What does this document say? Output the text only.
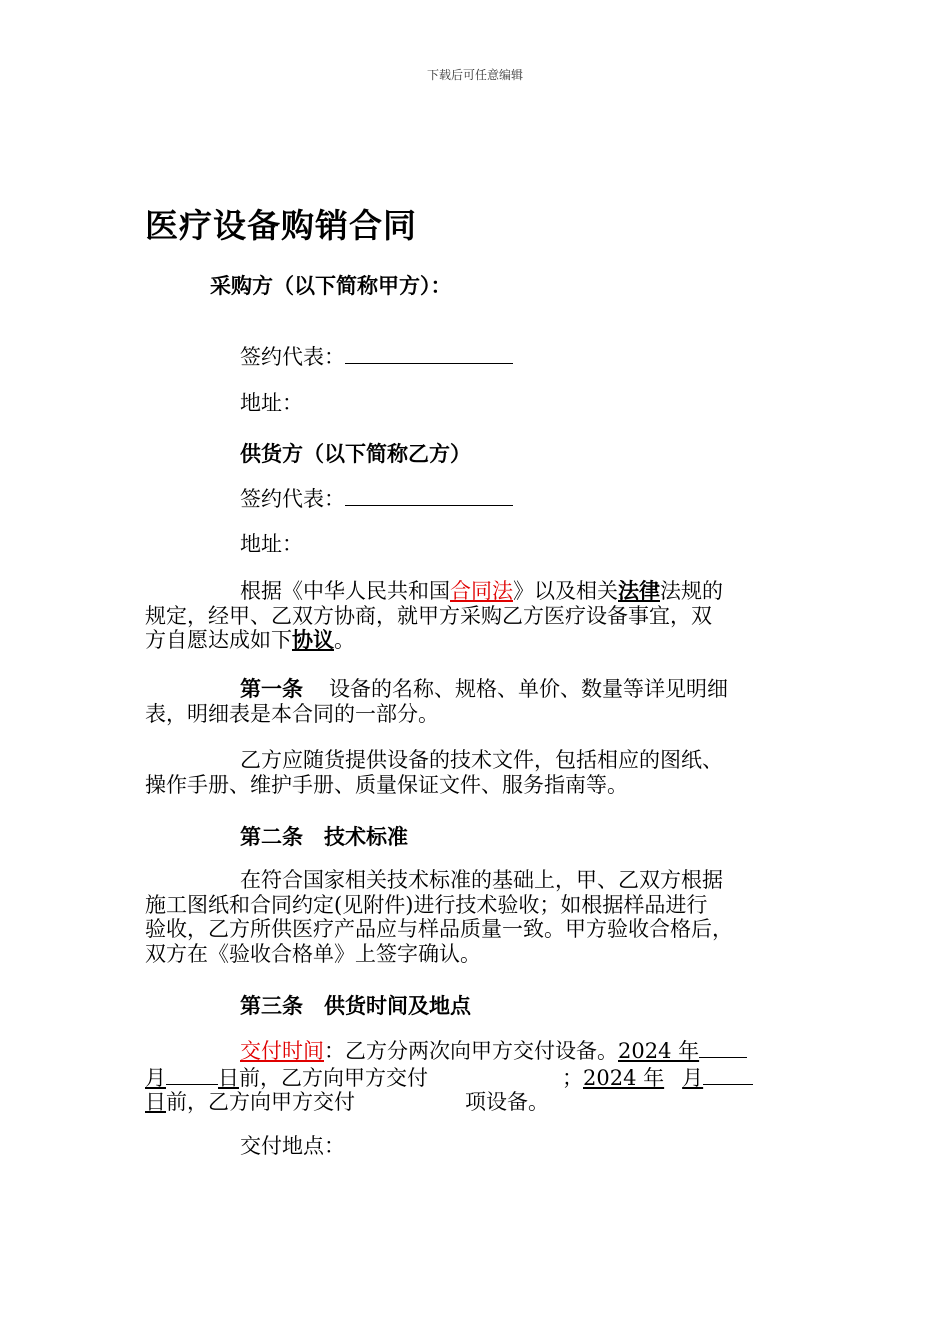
下载后可任意编辑
医疗设备购销合同
采购方（以下简称甲方）：
签约代表：
地址：
供货方（以下简称乙方）
签约代表：
地址：
根据《中华人民共和国合同法》以及相关法律法规的
规定，经甲、乙双方协商，就甲方采购乙方医疗设备事宜，双
方自愿达成如下协议。
第一条 设备的名称、规格、单价、数量等详见明细
表，明细表是本合同的一部分。
乙方应随货提供设备的技术文件，包括相应的图纸、
操作手册、维护手册、质量保证文件、服务指南等。
第二条　技术标准
在符合国家相关技术标准的基础上，甲、乙双方根据
施工图纸和合同约定(见附件)进行技术验收；如根据样品进行
验收，乙方所供医疗产品应与样品质量一致。甲方验收合格后，
双方在《验收合格单》上签字确认。
第三条　供货时间及地点
交付时间：乙方分两次向甲方交付设备。2024 年
月 日前，乙方向甲方交付	；2024 年 月
日前，乙方向甲方交付	项设备。
交付地点：
